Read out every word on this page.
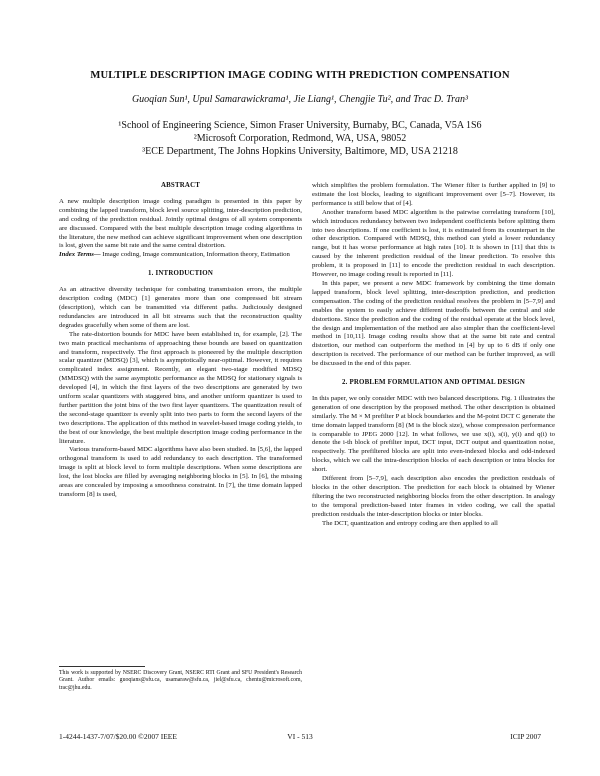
MULTIPLE DESCRIPTION IMAGE CODING WITH PREDICTION COMPENSATION
Guoqian Sun¹, Upul Samarawickrama¹, Jie Liang¹, Chengjie Tu², and Trac D. Tran³
¹School of Engineering Science, Simon Fraser University, Burnaby, BC, Canada, V5A 1S6
²Microsoft Corporation, Redmond, WA, USA, 98052
³ECE Department, The Johns Hopkins University, Baltimore, MD, USA 21218
ABSTRACT

A new multiple description image coding paradigm is presented in this paper by combining the lapped transform, block level source splitting, inter-description prediction, and coding of the prediction residual. Jointly optimal designs of all system components are discussed. Compared with the best multiple description image coding algorithms in the literature, the new method can achieve significant improvement when one description is lost, given the same bit rate and the same central distortion.

Index Terms— Image coding, Image communication, Information theory, Estimation

1. INTRODUCTION

As an attractive diversity technique for combating transmission errors, the multiple description coding (MDC) [1] generates more than one compressed bit stream (description), which can be transmitted via different paths. Judiciously designed redundancies are introduced in all bit streams such that the reconstruction quality degrades gracefully when some of them are lost.

The rate-distortion bounds for MDC have been established in, for example, [2]. The two main practical mechanisms of approaching these bounds are based on quantization and transform, respectively. The first approach is pioneered by the multiple description scalar quantizer (MDSQ) [3], which is asymptotically near-optimal. However, it requires complicated index assignment. Recently, an elegant two-stage modified MDSQ (MMDSQ) with the same asymptotic performance as the MDSQ for stationary signals is developed [4], in which the first layers of the two descriptions are generated by two uniform scalar quantizers with staggered bins, and another uniform quantizer is used to further partition the joint bins of the two first layer quantizers. The quantization result of the second-stage quantizer is evenly split into two parts to form the second layers of the two descriptions. The application of this method in wavelet-based image coding yields, to the best of our knowledge, the best multiple description image coding performance in the literature.

Various transform-based MDC algorithms have also been studied. In [5,6], the lapped orthogonal transform is used to add redundancy to each description. The transformed image is split at block level to form multiple descriptions. When some descriptions are lost, the lost blocks are filled by averaging neighboring blocks in [5]. In [6], the missing areas are concealed by imposing a smoothness constraint. In [7], the time domain lapped transform [8] is used,

This work is supported by NSERC Discovery Grant, NSERC RTI Grant and SFU President's Research Grant. Author emails: guoqians@sfu.ca, usamaraw@sfu.ca, jiel@sfu.ca, chentu@microsoft.com, trac@jhu.edu.

which simplifies the problem formulation. The Wiener filter is further applied in [9] to estimate the lost blocks, leading to significant improvement over [5–7]. However, its performance is still below that of [4].

Another transform based MDC algorithm is the pairwise correlating transform [10], which introduces redundancy between two independent coefficients before splitting them into two descriptions. If one coefficient is lost, it is estimated from its counterpart in the other description. Compared with MDSQ, this method can yield a lower redundancy range, but it has worse performance at high rates [10]. It is shown in [11] that this is caused by the inherent prediction residual of the linear prediction. To resolve this problem, it is proposed in [11] to encode the prediction residual in each description. However, no image coding result is reported in [11].

In this paper, we present a new MDC framework by combining the time domain lapped transform, block level splitting, inter-description prediction, and prediction compensation. The coding of the prediction residual resolves the problem in [5–7,9] and enables the system to easily achieve different tradeoffs between the central and side distortions. Since the prediction and the coding of the residual operate at the block level, the design and implementation of the method are also simpler than the coefficient-level method in [10,11]. Image coding results show that at the same bit rate and central distortion, our method can outperform the method in [4] by up to 6 dB if only one description is received. The performance of our method can be further improved, as will be discussed in the end of this paper.

2. PROBLEM FORMULATION AND OPTIMAL DESIGN

In this paper, we only consider MDC with two balanced descriptions. Fig. 1 illustrates the generation of one description by the proposed method. The other description is obtained similarly. The M × M prefilter P at block boundaries and the M-point DCT C generate the time domain lapped transform [8] (M is the block size), whose compression performance is comparable to JPEG 2000 [12]. In what follows, we use x(i), s(i), y(i) and q(i) to denote the i-th block of prefilter input, DCT input, DCT output and quantization noise, respectively. The prefiltered blocks are split into even-indexed blocks and odd-indexed blocks, which we call the intra-description blocks of each description or intra blocks for short.

Different from [5–7,9], each description also encodes the prediction residuals of blocks in the other description. The prediction for each block is obtained by Wiener filtering the two reconstructed neighboring blocks from the other description. In analogy to the temporal prediction-based inter frames in video coding, we call the spatial prediction residuals the inter-description blocks or inter blocks.

The DCT, quantization and entropy coding are then applied to all

1-4244-1437-7/07/$20.00 ©2007 IEEE	VI - 513	ICIP 2007
